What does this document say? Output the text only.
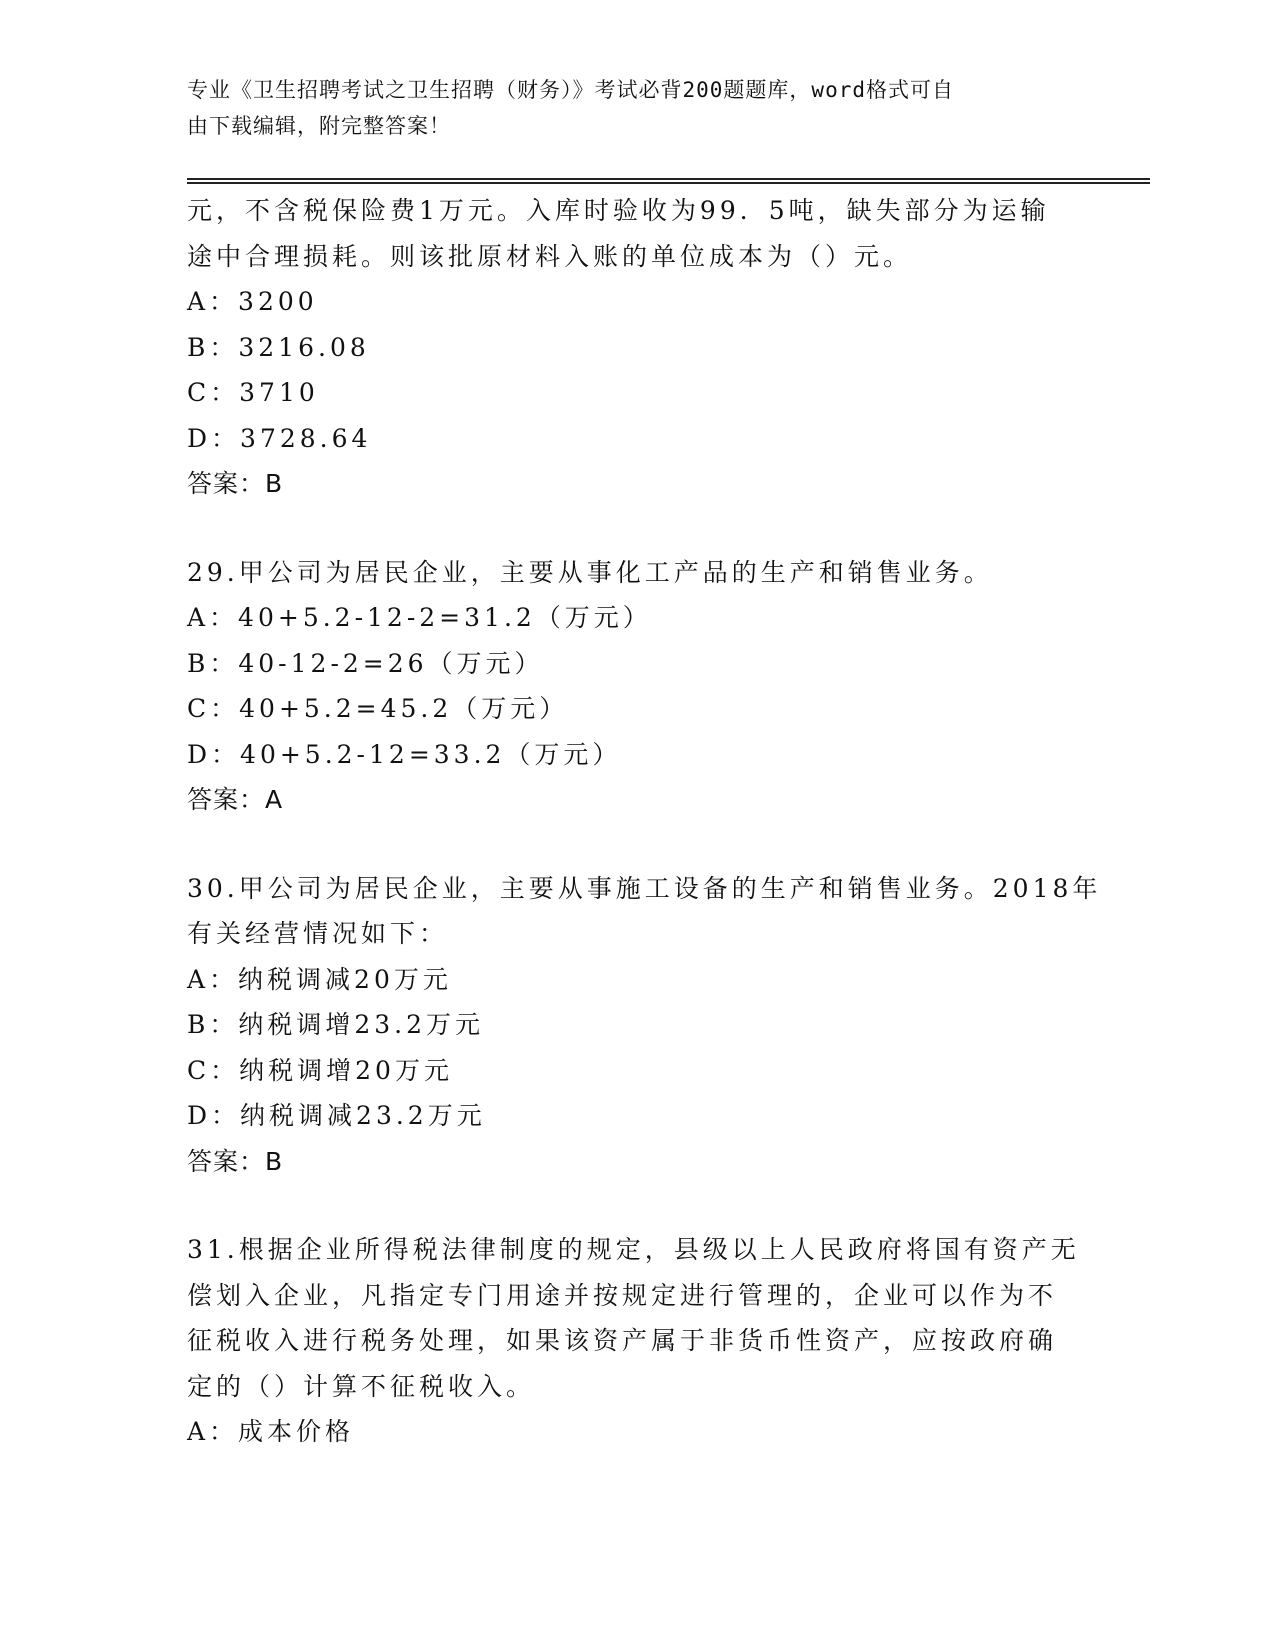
专业《卫生招聘考试之卫生招聘（财务）》考试必背200题题库，word格式可自
由下载编辑，附完整答案！
元，不含税保险费1万元。入库时验收为99．5吨，缺失部分为运输
途中合理损耗。则该批原材料入账的单位成本为（）元。
A：3200
B：3216.08
C：3710
D：3728.64
答案：B
29.甲公司为居民企业，主要从事化工产品的生产和销售业务。
A：40+5.2-12-2=31.2（万元）
B：40-12-2=26（万元）
C：40+5.2=45.2（万元）
D：40+5.2-12=33.2（万元）
答案：A
30.甲公司为居民企业，主要从事施工设备的生产和销售业务。2018年
有关经营情况如下：
A：纳税调减20万元
B：纳税调增23.2万元
C：纳税调增20万元
D：纳税调减23.2万元
答案：B
31.根据企业所得税法律制度的规定，县级以上人民政府将国有资产无
偿划入企业，凡指定专门用途并按规定进行管理的，企业可以作为不
征税收入进行税务处理，如果该资产属于非货币性资产，应按政府确
定的（）计算不征税收入。
A：成本价格
